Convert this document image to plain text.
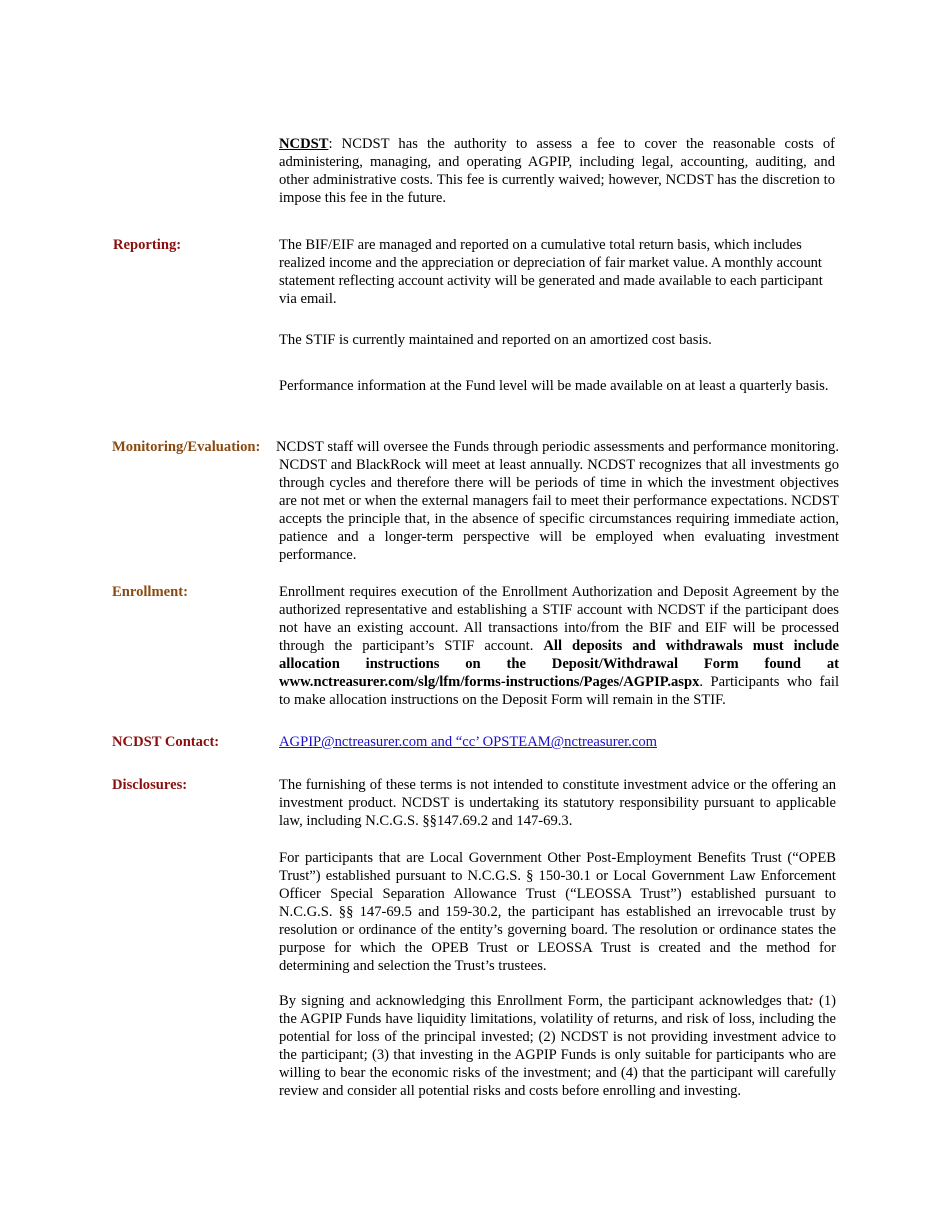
NCDST: NCDST has the authority to assess a fee to cover the reasonable costs of administering, managing, and operating AGPIP, including legal, accounting, auditing, and other administrative costs. This fee is currently waived; however, NCDST has the discretion to impose this fee in the future.
Reporting:	The BIF/EIF are managed and reported on a cumulative total return basis, which includes realized income and the appreciation or depreciation of fair market value. A monthly account statement reflecting account activity will be generated and made available to each participant via email.
The STIF is currently maintained and reported on an amortized cost basis.
Performance information at the Fund level will be made available on at least a quarterly basis.
Monitoring/Evaluation: NCDST staff will oversee the Funds through periodic assessments and performance monitoring. NCDST and BlackRock will meet at least annually. NCDST recognizes that all investments go through cycles and therefore there will be periods of time in which the investment objectives are not met or when the external managers fail to meet their performance expectations. NCDST accepts the principle that, in the absence of specific circumstances requiring immediate action, patience and a longer-term perspective will be employed when evaluating investment performance.
Enrollment:	Enrollment requires execution of the Enrollment Authorization and Deposit Agreement by the authorized representative and establishing a STIF account with NCDST if the participant does not have an existing account. All transactions into/from the BIF and EIF will be processed through the participant’s STIF account. All deposits and withdrawals must include allocation instructions on the Deposit/Withdrawal Form found at www.nctreasurer.com/slg/lfm/forms-instructions/Pages/AGPIP.aspx. Participants who fail to make allocation instructions on the Deposit Form will remain in the STIF.
NCDST Contact:	AGPIP@nctreasurer.com and “cc’ OPSTEAM@nctreasurer.com
Disclosures:	The furnishing of these terms is not intended to constitute investment advice or the offering an investment product. NCDST is undertaking its statutory responsibility pursuant to applicable law, including N.C.G.S. §§147.69.2 and 147-69.3.
For participants that are Local Government Other Post-Employment Benefits Trust (“OPEB Trust”) established pursuant to N.C.G.S. § 150-30.1 or Local Government Law Enforcement Officer Special Separation Allowance Trust (“LEOSSA Trust”) established pursuant to N.C.G.S. §§ 147-69.5 and 159-30.2, the participant has established an irrevocable trust by resolution or ordinance of the entity’s governing board. The resolution or ordinance states the purpose for which the OPEB Trust or LEOSSA Trust is created and the method for determining and selection the Trust’s trustees.
By signing and acknowledging this Enrollment Form, the participant acknowledges that: (1) the AGPIP Funds have liquidity limitations, volatility of returns, and risk of loss, including the potential for loss of the principal invested; (2) NCDST is not providing investment advice to the participant; (3) that investing in the AGPIP Funds is only suitable for participants who are willing to bear the economic risks of the investment; and (4) that the participant will carefully review and consider all potential risks and costs before enrolling and investing.
